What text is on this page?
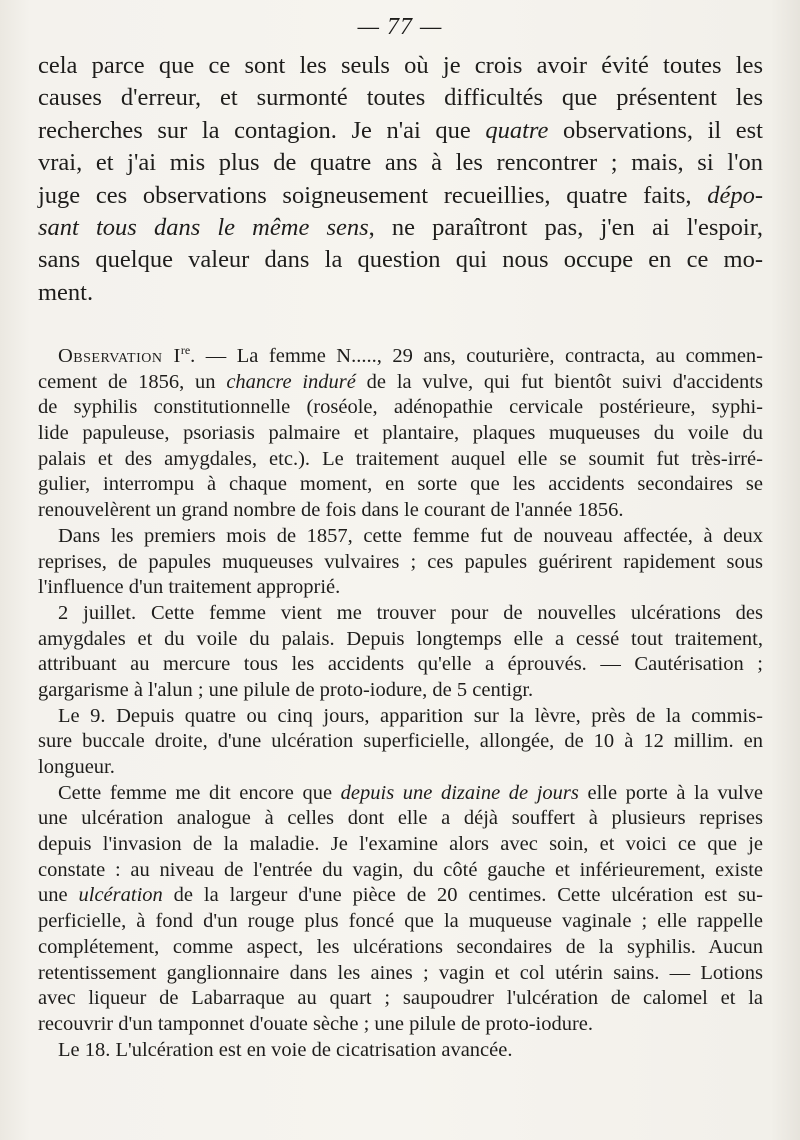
— 77 —
cela parce que ce sont les seuls où je crois avoir évité toutes les
causes d'erreur, et surmonté toutes difficultés que présentent les
recherches sur la contagion. Je n'ai que quatre observations, il est
vrai, et j'ai mis plus de quatre ans à les rencontrer ; mais, si l'on
juge ces observations soigneusement recueillies, quatre faits, dépo-
sant tous dans le même sens, ne paraîtront pas, j'en ai l'espoir,
sans quelque valeur dans la question qui nous occupe en ce mo-
ment.
Observation Ire. — La femme N....., 29 ans, couturière, contracta, au commen-
cement de 1856, un chancre induré de la vulve, qui fut bientôt suivi d'accidents
de syphilis constitutionnelle (roséole, adénopathie cervicale postérieure, syphi-
lide papuleuse, psoriasis palmaire et plantaire, plaques muqueuses du voile du
palais et des amygdales, etc.). Le traitement auquel elle se soumit fut très-irré-
gulier, interrompu à chaque moment, en sorte que les accidents secondaires se
renouvelèrent un grand nombre de fois dans le courant de l'année 1856.
Dans les premiers mois de 1857, cette femme fut de nouveau affectée, à deux
reprises, de papules muqueuses vulvaires ; ces papules guérirent rapidement sous
l'influence d'un traitement approprié.
2 juillet. Cette femme vient me trouver pour de nouvelles ulcérations des
amygdales et du voile du palais. Depuis longtemps elle a cessé tout traitement,
attribuant au mercure tous les accidents qu'elle a éprouvés. — Cautérisation ;
gargarisme à l'alun ; une pilule de proto-iodure, de 5 centigr.
Le 9. Depuis quatre ou cinq jours, apparition sur la lèvre, près de la commis-
sure buccale droite, d'une ulcération superficielle, allongée, de 10 à 12 millim. en
longueur.
Cette femme me dit encore que depuis une dizaine de jours elle porte à la vulve
une ulcération analogue à celles dont elle a déjà souffert à plusieurs reprises
depuis l'invasion de la maladie. Je l'examine alors avec soin, et voici ce que je
constate : au niveau de l'entrée du vagin, du côté gauche et inférieurement, existe
une ulcération de la largeur d'une pièce de 20 centimes. Cette ulcération est su-
perficielle, à fond d'un rouge plus foncé que la muqueuse vaginale ; elle rappelle
complétement, comme aspect, les ulcérations secondaires de la syphilis. Aucun
retentissement ganglionnaire dans les aines ; vagin et col utérin sains. — Lotions
avec liqueur de Labarraque au quart ; saupoudrer l'ulcération de calomel et la
recouvrir d'un tamponnet d'ouate sèche ; une pilule de proto-iodure.
Le 18. L'ulcération est en voie de cicatrisation avancée.
